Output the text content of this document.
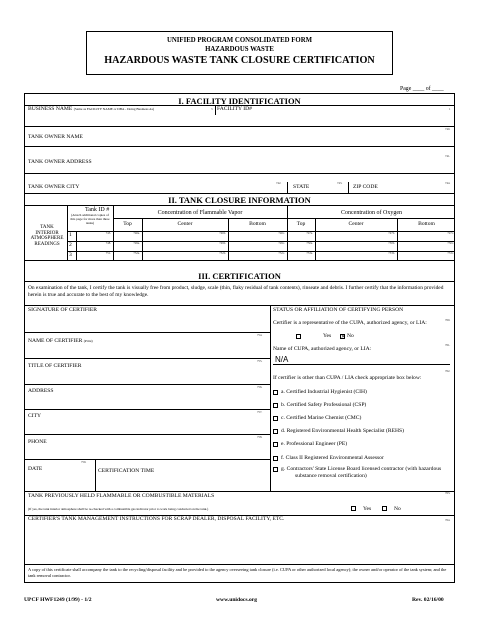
UNIFIED PROGRAM CONSOLIDATED FORM
HAZARDOUS WASTE
HAZARDOUS WASTE TANK CLOSURE CERTIFICATION
Page ____ of ____
I. FACILITY IDENTIFICATION
BUSINESS NAME (Same as FACILITY NAME or DBA - Doing Business As)	3 FACILITY ID#	1
740.
TANK OWNER NAME
741.
TANK OWNER ADDRESS
742.
TANK OWNER CITY	STATE
743.
ZIP CODE
744.
II. TANK CLOSURE INFORMATION
TANK INTERIOR ATMOSPHERE READINGS
Tank ID #
(Attach additional copies of this page for more than three tanks)
Concentration of Flammable Vapor	Concentration of Oxygen
Top	Center	Bottom	Top	Center	Bottom
1	745.	746a.	746b.	746c.	747a.	747b.	747c.
2	748.	749a.	749b.	749c.	750a.	750b.	750c.
3	751.	752a.	752b.	752c.	753a.	753b.	753c.
III. CERTIFICATION
On examination of the tank, I certify the tank is visually free from product, sludge, scale (thin, flaky residual of tank contents), rinseate and debris. I further certify that the information provided herein is true and accurate to the best of my knowledge.
SIGNATURE OF CERTIFIER
NAME OF CERTIFIER (Print)
754.
TITLE OF CERTIFIER
755.
ADDRESS
756.
CITY
757.
PHONE
758.
DATE
759.
CERTIFICATION TIME
STATUS OR AFFILIATION OF CERTIFYING PERSON
760.
Certifier is a representative of the CUPA, authorized agency, or LIA:
Yes ✕ No
761.
Name of CUPA, authorized agency, or LIA:
N/A
762.
If certifier is other than CUPA / LIA check appropriate box below:
a. Certified Industrial Hygienist (CIH)
b. Certified Safety Professional (CSP)
c. Certified Marine Chemist (CMC)
d. Registered Environmental Health Specialist (REHS)
e. Professional Engineer (PE)
f. Class II Registered Environmental Assessor
g. Contractors' State License Board licensed contractor (with hazardous
substance removal certification)
TANK PREVIOUSLY HELD FLAMMABLE OR COMBUSTIBLE MATERIALS	763.
(If yes, the tank interior atmosphere shall be re-checked with a combustible gas indicator prior to work being conducted on the tank.)	Yes	No
CERTIFIER'S TANK MANAGEMENT INSTRUCTIONS FOR SCRAP DEALER, DISPOSAL FACILITY, ETC.	764.
A copy of this certificate shall accompany the tank to the recycling/disposal facility and be provided to the agency overseeing tank closure (i.e. CUPA or other authorized local agency); the owner and/or operator of the tank system; and the tank removal contractor.
UPCF HWF1249 (1/99) - 1/2	www.unidocs.org	Rev. 02/16/00
